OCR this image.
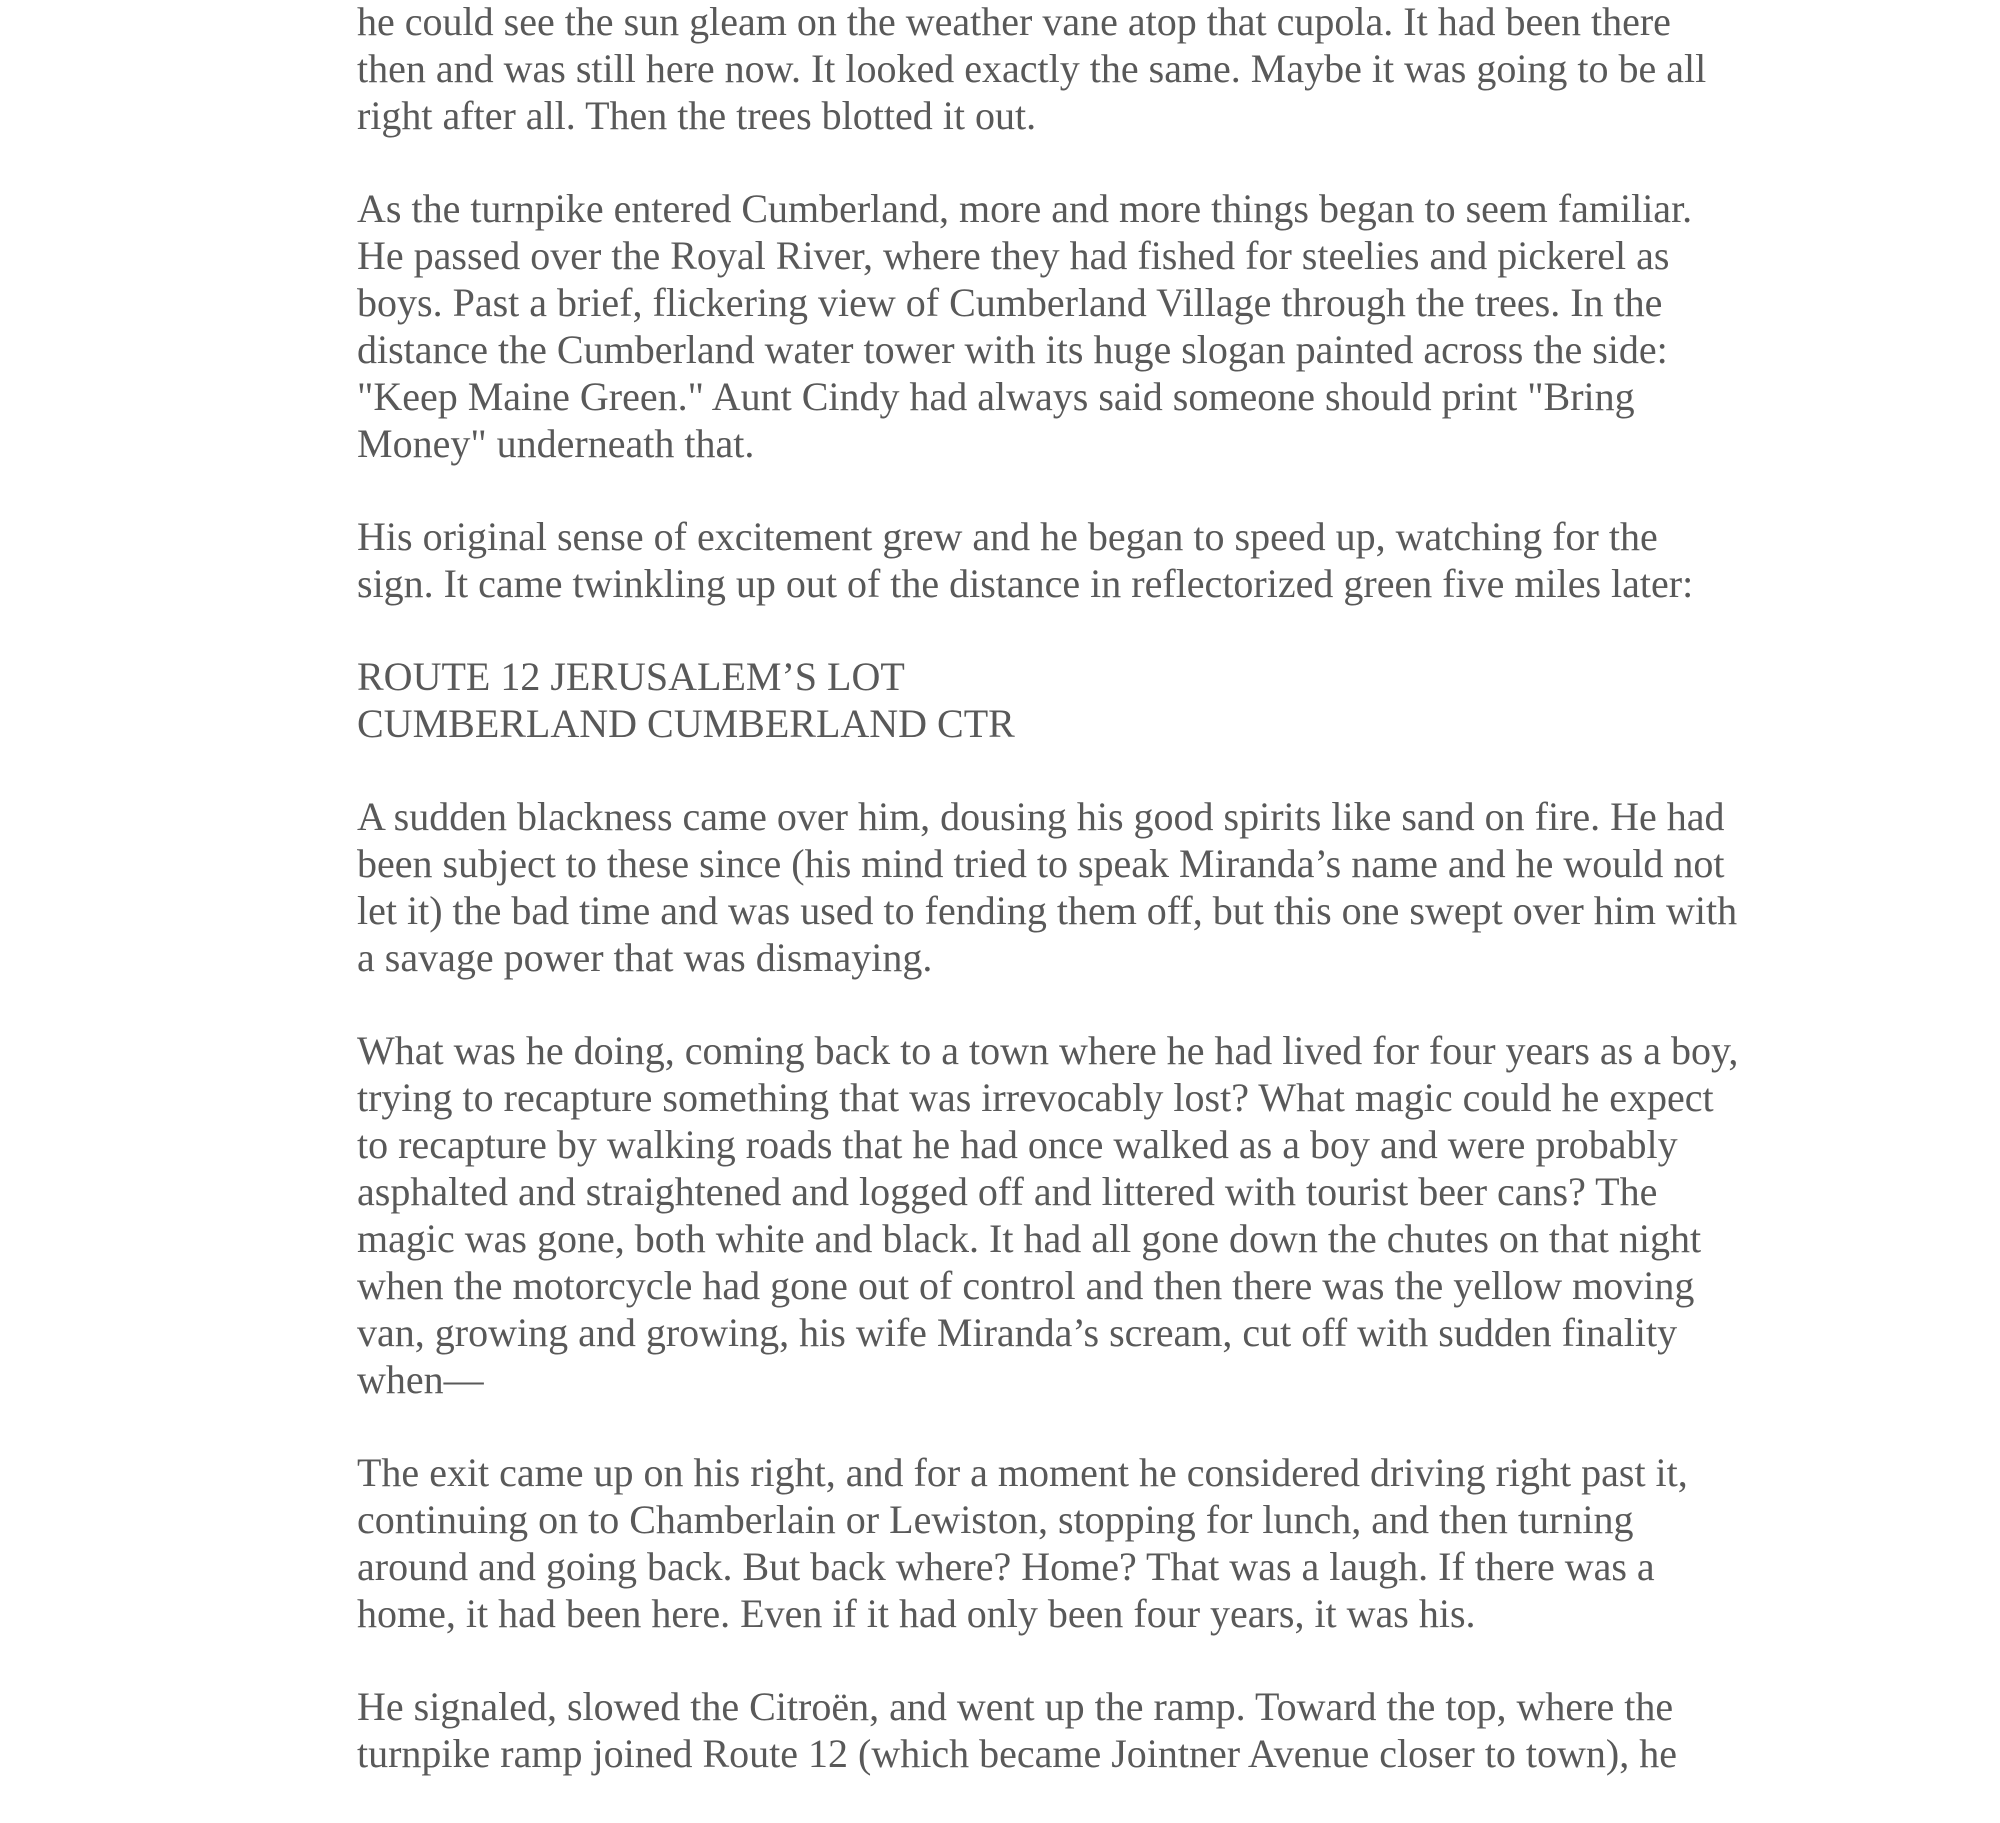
he could see the sun gleam on the weather vane atop that cupola. It had been there
then and was still here now. It looked exactly the same. Maybe it was going to be all
right after all. Then the trees blotted it out.
As the turnpike entered Cumberland, more and more things began to seem familiar.
He passed over the Royal River, where they had fished for steelies and pickerel as
boys. Past a brief, flickering view of Cumberland Village through the trees. In the
distance the Cumberland water tower with its huge slogan painted across the side:
"Keep Maine Green." Aunt Cindy had always said someone should print "Bring
Money" underneath that.
His original sense of excitement grew and he began to speed up, watching for the
sign. It came twinkling up out of the distance in reflectorized green five miles later:
ROUTE 12 JERUSALEM’S LOT
CUMBERLAND CUMBERLAND CTR
A sudden blackness came over him, dousing his good spirits like sand on fire. He had
been subject to these since (his mind tried to speak Miranda’s name and he would not
let it) the bad time and was used to fending them off, but this one swept over him with
a savage power that was dismaying.
What was he doing, coming back to a town where he had lived for four years as a boy,
trying to recapture something that was irrevocably lost? What magic could he expect
to recapture by walking roads that he had once walked as a boy and were probably
asphalted and straightened and logged off and littered with tourist beer cans? The
magic was gone, both white and black. It had all gone down the chutes on that night
when the motorcycle had gone out of control and then there was the yellow moving
van, growing and growing, his wife Miranda’s scream, cut off with sudden finality
when—
The exit came up on his right, and for a moment he considered driving right past it,
continuing on to Chamberlain or Lewiston, stopping for lunch, and then turning
around and going back. But back where? Home? That was a laugh. If there was a
home, it had been here. Even if it had only been four years, it was his.
He signaled, slowed the Citroën, and went up the ramp. Toward the top, where the
turnpike ramp joined Route 12 (which became Jointner Avenue closer to town), he
